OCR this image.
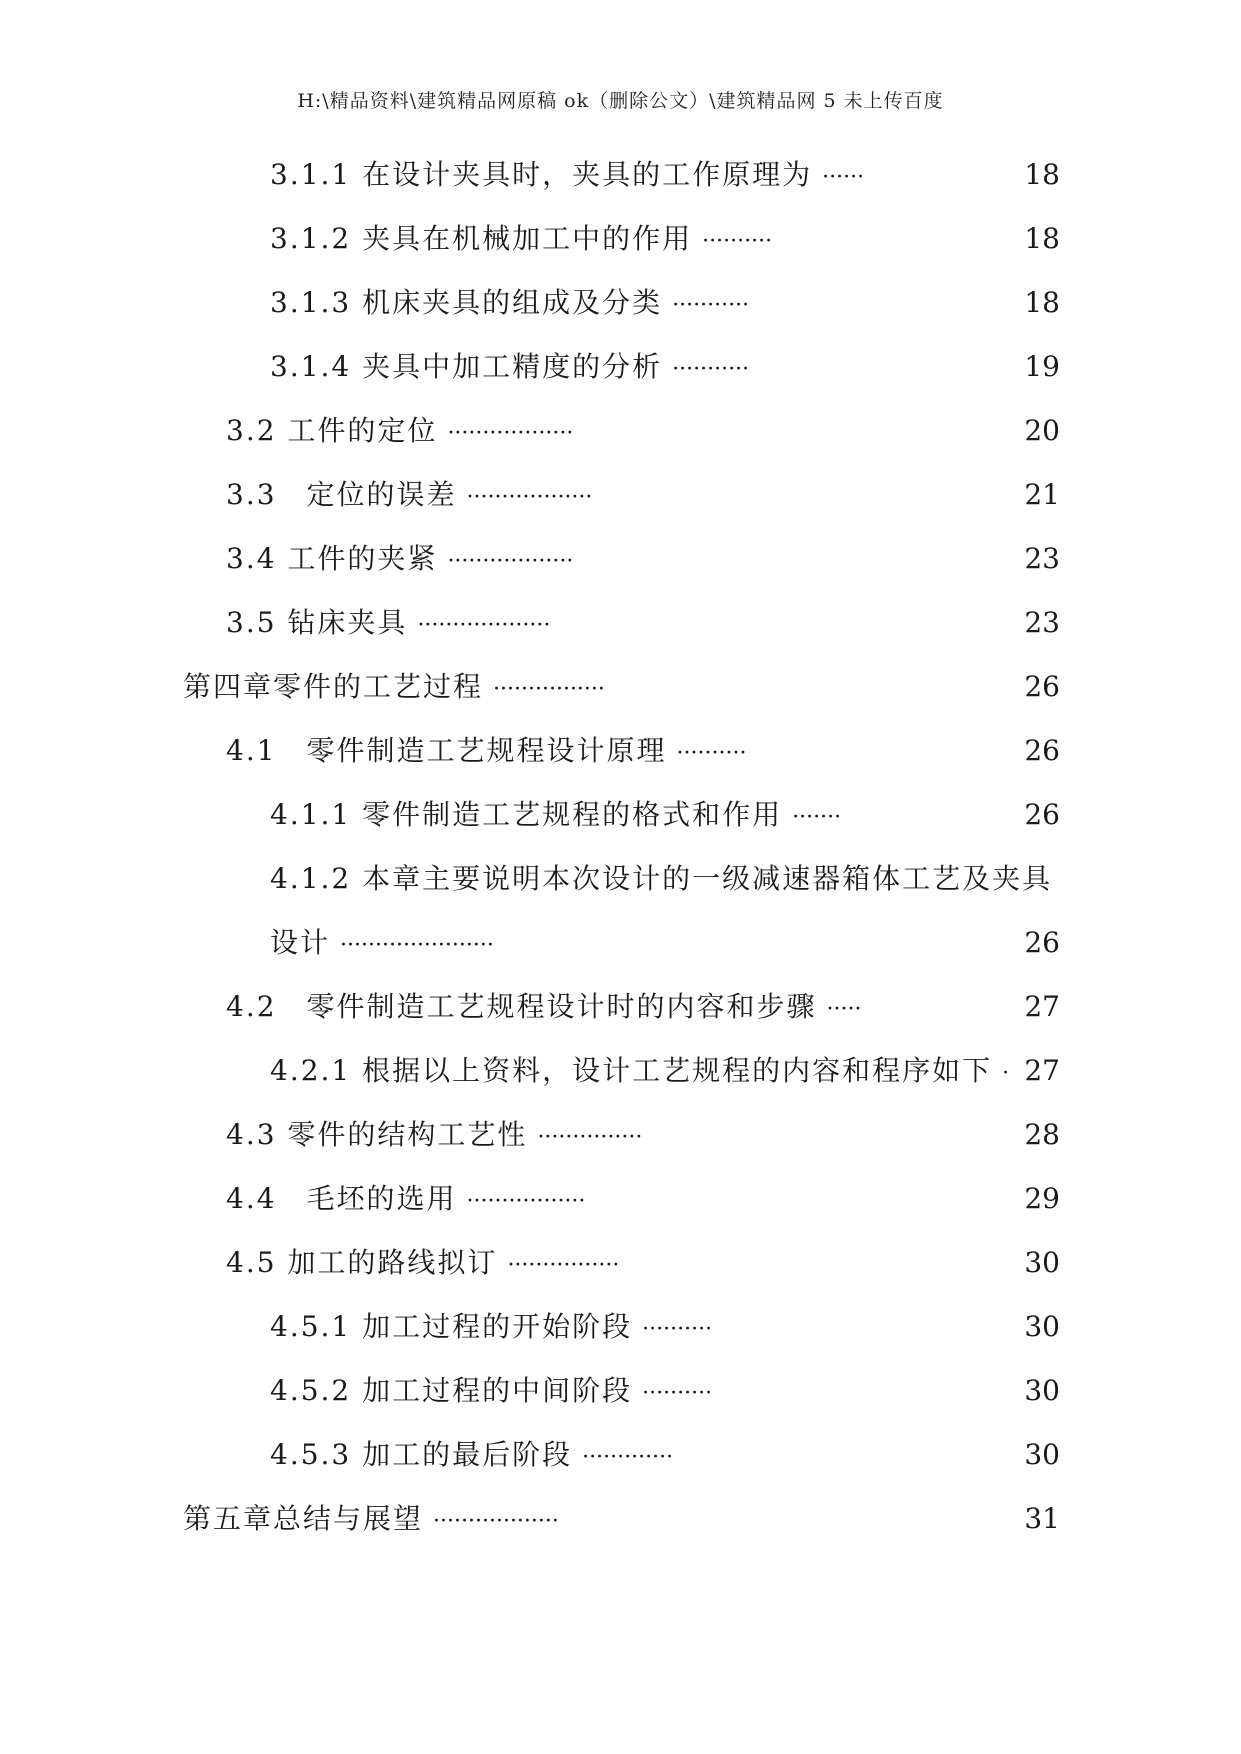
H:\精品资料\建筑精品网原稿 ok（删除公文）\建筑精品网 5 未上传百度
3.1.1 在设计夹具时，夹具的工作原理为 ······	18
3.1.2 夹具在机械加工中的作用 ··········	18
3.1.3 机床夹具的组成及分类 ···········	18
3.1.4 夹具中加工精度的分析 ···········	19
3.2 工件的定位··················	20
3.3　定位的误差··················	21
3.4 工件的夹紧 ··················	23
3.5 钻床夹具 ···················	23
第四章零件的工艺过程················	26
4.1　零件制造工艺规程设计原理··········	26
4.1.1 零件制造工艺规程的格式和作用 ·······	26
4.1.2 本章主要说明本次设计的一级减速器箱体工艺及夹具
设计 ······················	26
4.2　零件制造工艺规程设计时的内容和步骤·····	27
4.2.1 根据以上资料，设计工艺规程的内容和程序如下 · 27
4.3 零件的结构工艺性···············	28
4.4　毛坯的选用·················	29
4.5 加工的路线拟订 ················	30
4.5.1 加工过程的开始阶段 ··········	30
4.5.2 加工过程的中间阶段 ··········	30
4.5.3 加工的最后阶段 ·············	30
第五章总结与展望··················	31
